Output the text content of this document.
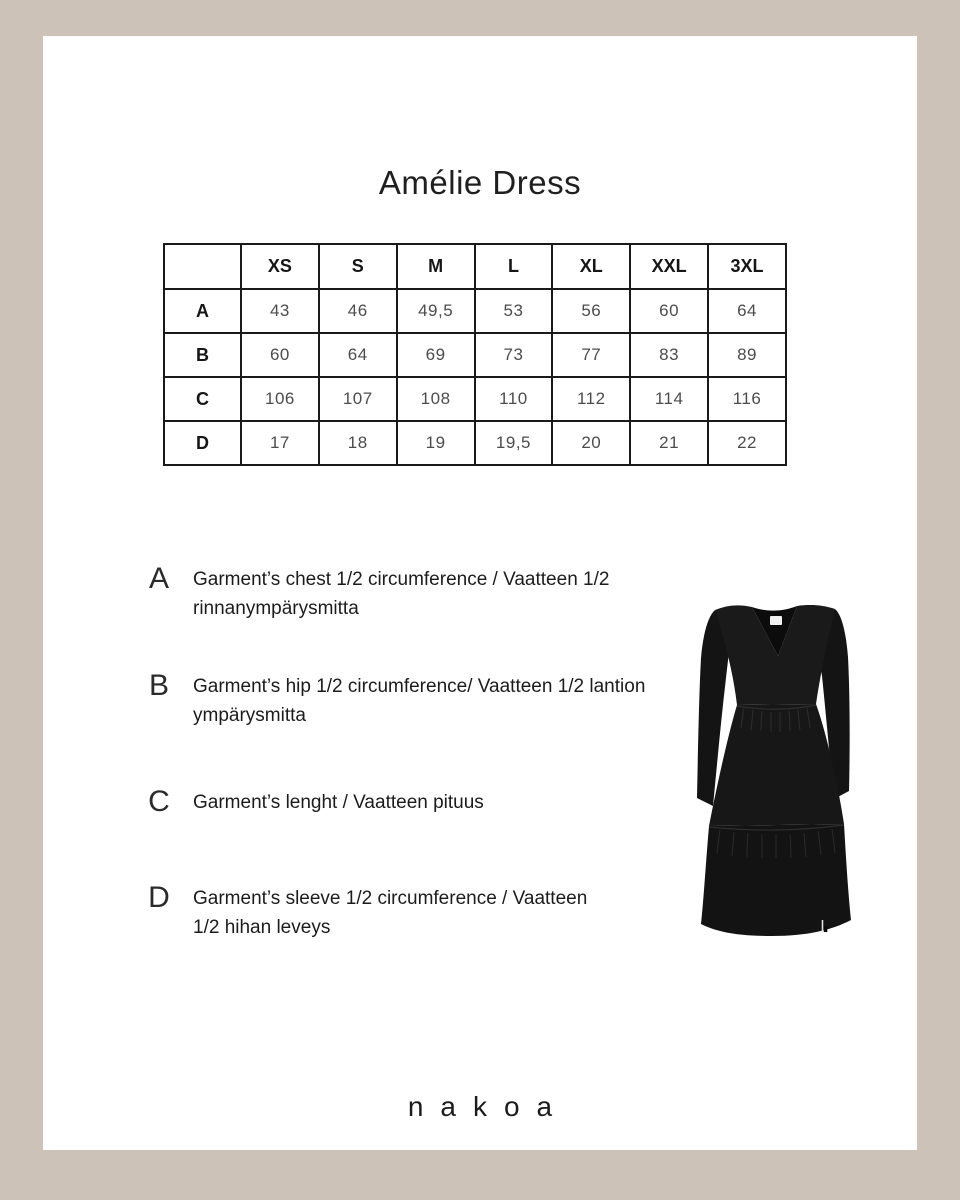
Amélie Dress
	XS	S	M	L	XL	XXL	3XL
A	43	46	49,5	53	56	60	64
B	60	64	69	73	77	83	89
C	106	107	108	110	112	114	116
D	17	18	19	19,5	20	21	22
A	Garment’s chest 1/2 circumference / Vaatteen 1/2
rinnanympärysmitta
B	Garment’s hip 1/2 circumference/ Vaatteen 1/2 lantion
ympärysmitta
C Garment’s lenght / Vaatteen pituus
D Garment’s sleeve 1/2 circumference / Vaatteen
1/2 hihan leveys
nakoa
